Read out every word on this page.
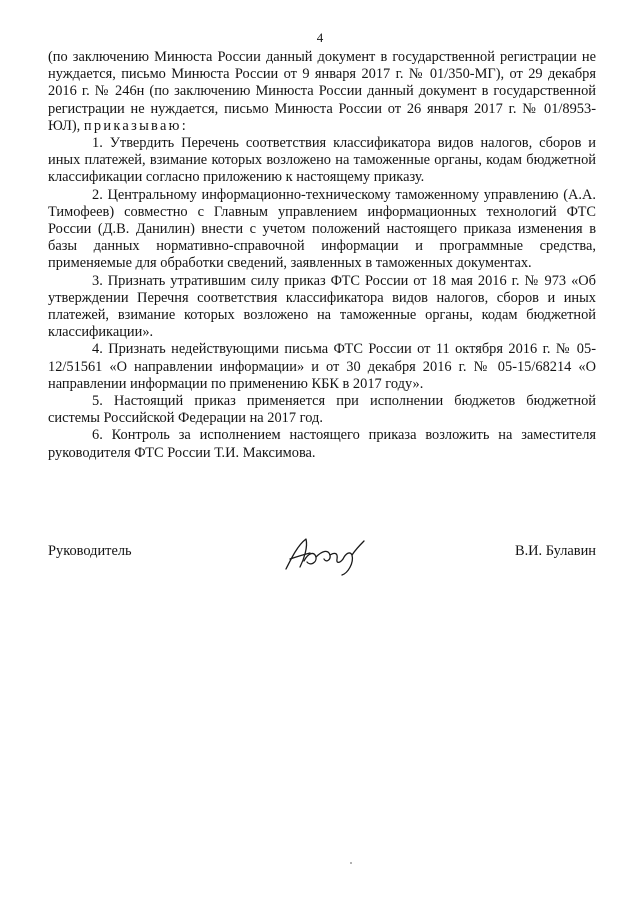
4

(по заключению Минюста России данный документ в государственной регистрации не нуждается, письмо Минюста России от 9 января 2017 г. № 01/350-МГ), от 29 декабря 2016 г. № 246н (по заключению Минюста России данный документ в государственной регистрации не нуждается, письмо Минюста России от 26 января 2017 г. № 01/8953-ЮЛ), приказываю:

1. Утвердить Перечень соответствия классификатора видов налогов, сборов и иных платежей, взимание которых возложено на таможенные органы, кодам бюджетной классификации согласно приложению к настоящему приказу.

2. Центральному информационно-техническому таможенному управлению (А.А. Тимофеев) совместно с Главным управлением информационных технологий ФТС России (Д.В. Данилин) внести с учетом положений настоящего приказа изменения в базы данных нормативно-справочной информации и программные средства, применяемые для обработки сведений, заявленных в таможенных документах.

3. Признать утратившим силу приказ ФТС России от 18 мая 2016 г. № 973 «Об утверждении Перечня соответствия классификатора видов налогов, сборов и иных платежей, взимание которых возложено на таможенные органы, кодам бюджетной классификации».

4. Признать недействующими письма ФТС России от 11 октября 2016 г. № 05-12/51561 «О направлении информации» и от 30 декабря 2016 г. № 05-15/68214 «О направлении информации по применению КБК в 2017 году».

5. Настоящий приказ применяется при исполнении бюджетов бюджетной системы Российской Федерации на 2017 год.

6. Контроль за исполнением настоящего приказа возложить на заместителя руководителя ФТС России Т.И. Максимова.

Руководитель	В.И. Булавин
